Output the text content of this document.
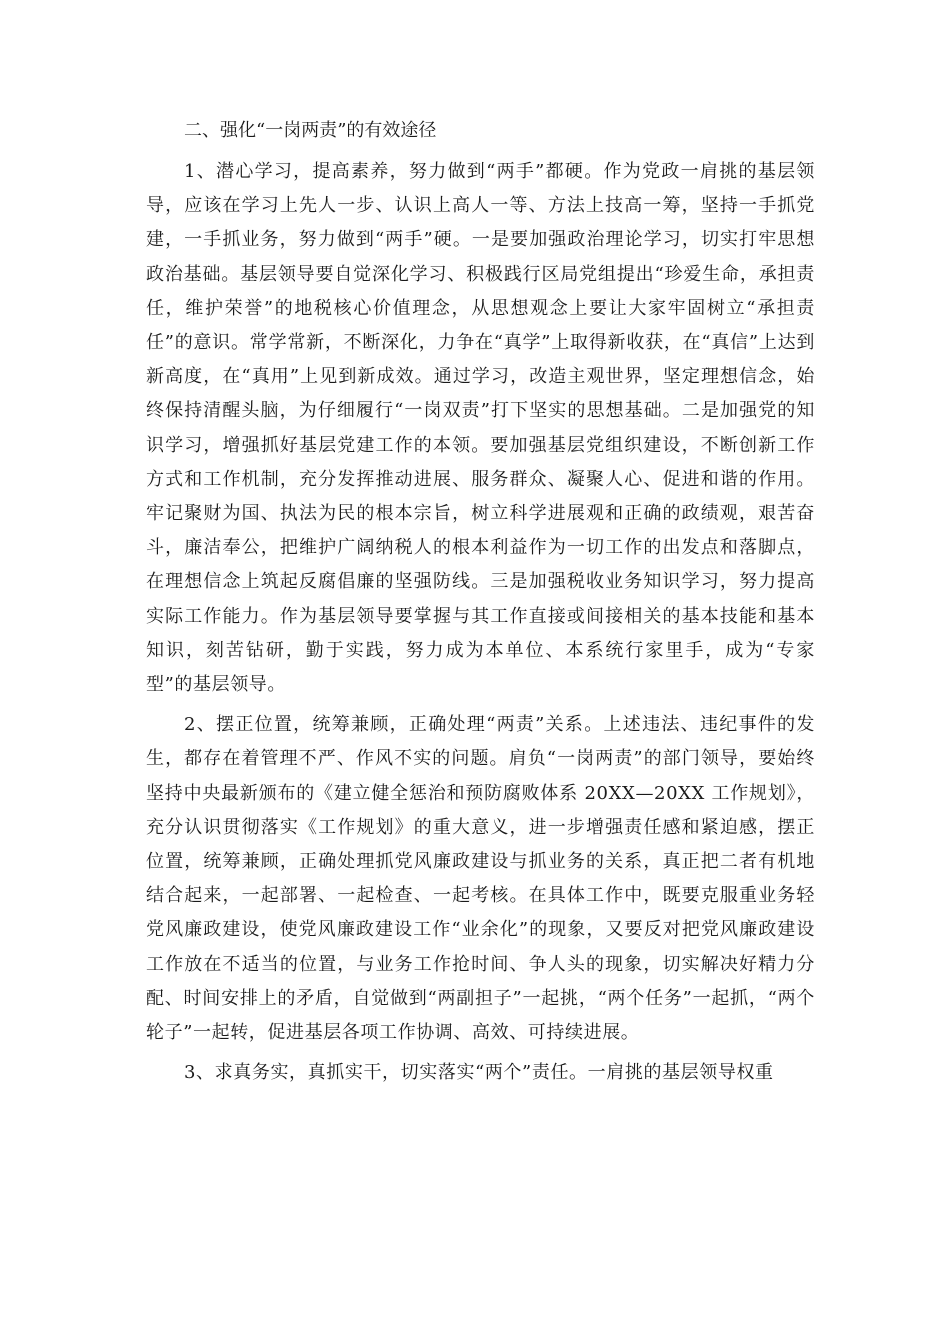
二、强化“一岗两责”的有效途径

1、潜心学习，提高素养，努力做到“两手”都硬。作为党政一肩挑的基层领导，应该在学习上先人一步、认识上高人一等、方法上技高一筹，坚持一手抓党建，一手抓业务，努力做到“两手”硬。一是要加强政治理论学习，切实打牢思想政治基础。基层领导要自觉深化学习、积极践行区局党组提出“珍爱生命，承担责任，维护荣誉”的地税核心价值理念，从思想观念上要让大家牢固树立“承担责任”的意识。常学常新，不断深化，力争在“真学”上取得新收获，在“真信”上达到新高度，在“真用”上见到新成效。通过学习，改造主观世界，坚定理想信念，始终保持清醒头脑，为仔细履行“一岗双责”打下坚实的思想基础。二是加强党的知识学习，增强抓好基层党建工作的本领。要加强基层党组织建设，不断创新工作方式和工作机制，充分发挥推动进展、服务群众、凝聚人心、促进和谐的作用。牢记聚财为国、执法为民的根本宗旨，树立科学进展观和正确的政绩观，艰苦奋斗，廉洁奉公，把维护广阔纳税人的根本利益作为一切工作的出发点和落脚点，在理想信念上筑起反腐倡廉的坚强防线。三是加强税收业务知识学习，努力提高实际工作能力。作为基层领导要掌握与其工作直接或间接相关的基本技能和基本知识，刻苦钻研，勤于实践，努力成为本单位、本系统行家里手，成为“专家型”的基层领导。

2、摆正位置，统筹兼顾，正确处理“两责”关系。上述违法、违纪事件的发生，都存在着管理不严、作风不实的问题。肩负“一岗两责”的部门领导，要始终坚持中央最新颁布的《建立健全惩治和预防腐败体系 20XX—20XX 工作规划》，充分认识贯彻落实《工作规划》的重大意义，进一步增强责任感和紧迫感，摆正位置，统筹兼顾，正确处理抓党风廉政建设与抓业务的关系，真正把二者有机地结合起来，一起部署、一起检查、一起考核。在具体工作中，既要克服重业务轻党风廉政建设，使党风廉政建设工作“业余化”的现象，又要反对把党风廉政建设工作放在不适当的位置，与业务工作抢时间、争人头的现象，切实解决好精力分配、时间安排上的矛盾，自觉做到“两副担子”一起挑，“两个任务”一起抓，“两个轮子”一起转，促进基层各项工作协调、高效、可持续进展。

3、求真务实，真抓实干，切实落实“两个”责任。一肩挑的基层领导权重
